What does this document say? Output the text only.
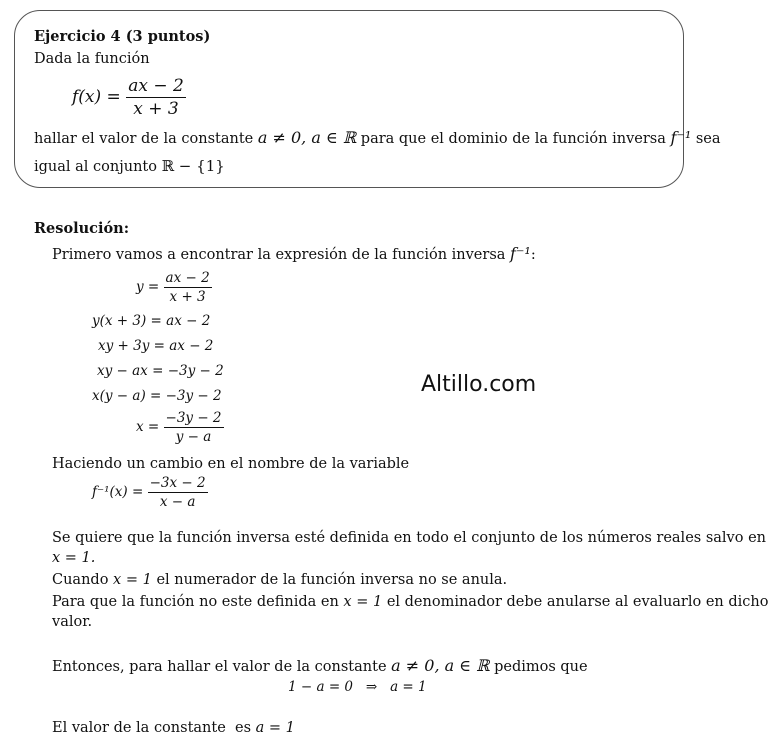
Ejercicio 4 (3 puntos)
Dada la función
$f(x) = \frac{ax - 2}{x + 3}$
hallar el valor de la constante a ≠ 0, a ∈ ℝ para que el dominio de la función inversa f⁻¹ sea
igual al conjunto ℝ − {1}
Resolución:
Primero vamos a encontrar la expresión de la función inversa f⁻¹:
$y = \frac{ax - 2}{x + 3}$
y(x + 3) = ax − 2
xy + 3y = ax − 2
xy − ax = −3y − 2
x(y − a) = −3y − 2
$x = \frac{-3y - 2}{y - a}$
Altillo.com
Haciendo un cambio en el nombre de la variable
$f^{-1}(x) = \frac{-3x - 2}{x - a}$
Se quiere que la función inversa esté definida en todo el conjunto de los números reales salvo en
x = 1.
Cuando x = 1 el numerador de la función inversa no se anula.
Para que la función no este definida en x = 1 el denominador debe anularse al evaluarlo en dicho
valor.
Entonces, para hallar el valor de la constante a ≠ 0, a ∈ ℝ pedimos que
1 − a = 0   ⇒   a = 1
El valor de la constante  es a = 1
